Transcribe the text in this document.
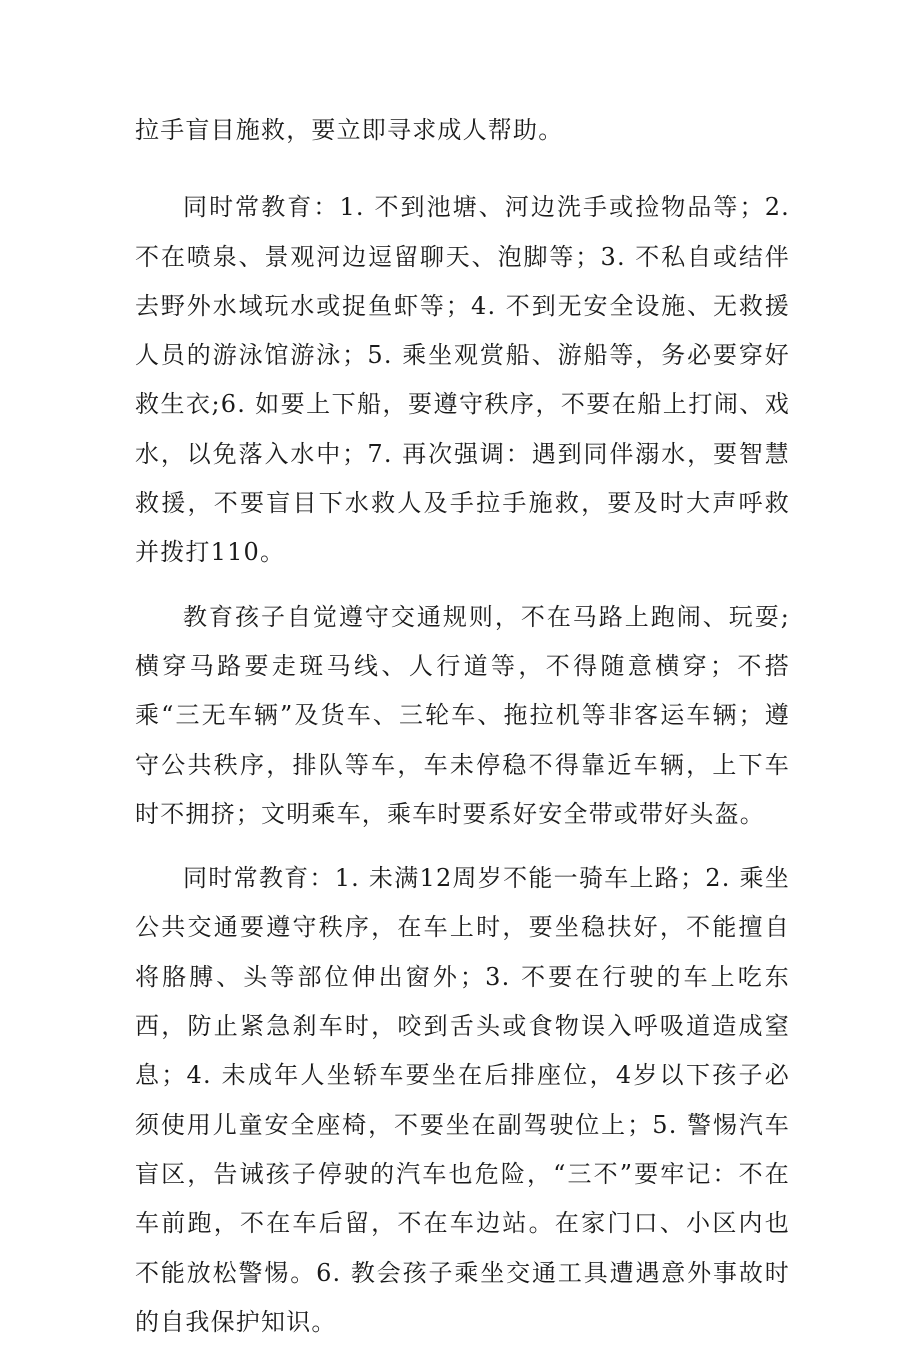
拉手盲目施救，要立即寻求成人帮助。

同时常教育：1. 不到池塘、河边洗手或捡物品等；2. 不在喷泉、景观河边逗留聊天、泡脚等；3. 不私自或结伴去野外水域玩水或捉鱼虾等；4. 不到无安全设施、无救援人员的游泳馆游泳；5. 乘坐观赏船、游船等，务必要穿好救生衣;6. 如要上下船，要遵守秩序，不要在船上打闹、戏水，以免落入水中；7. 再次强调：遇到同伴溺水，要智慧救援，不要盲目下水救人及手拉手施救，要及时大声呼救并拨打110。

教育孩子自觉遵守交通规则，不在马路上跑闹、玩耍;横穿马路要走斑马线、人行道等，不得随意横穿；不搭乘“三无车辆”及货车、三轮车、拖拉机等非客运车辆；遵守公共秩序，排队等车，车未停稳不得靠近车辆，上下车时不拥挤；文明乘车，乘车时要系好安全带或带好头盔。

同时常教育：1. 未满12周岁不能一骑车上路；2. 乘坐公共交通要遵守秩序，在车上时，要坐稳扶好，不能擅自将胳膊、头等部位伸出窗外；3. 不要在行驶的车上吃东西，防止紧急刹车时，咬到舌头或食物误入呼吸道造成窒息；4. 未成年人坐轿车要坐在后排座位，4岁以下孩子必须使用儿童安全座椅，不要坐在副驾驶位上；5. 警惕汽车盲区，告诫孩子停驶的汽车也危险，“三不”要牢记：不在车前跑，不在车后留，不在车边站。在家门口、小区内也不能放松警惕。6. 教会孩子乘坐交通工具遭遇意外事故时的自我保护知识。
